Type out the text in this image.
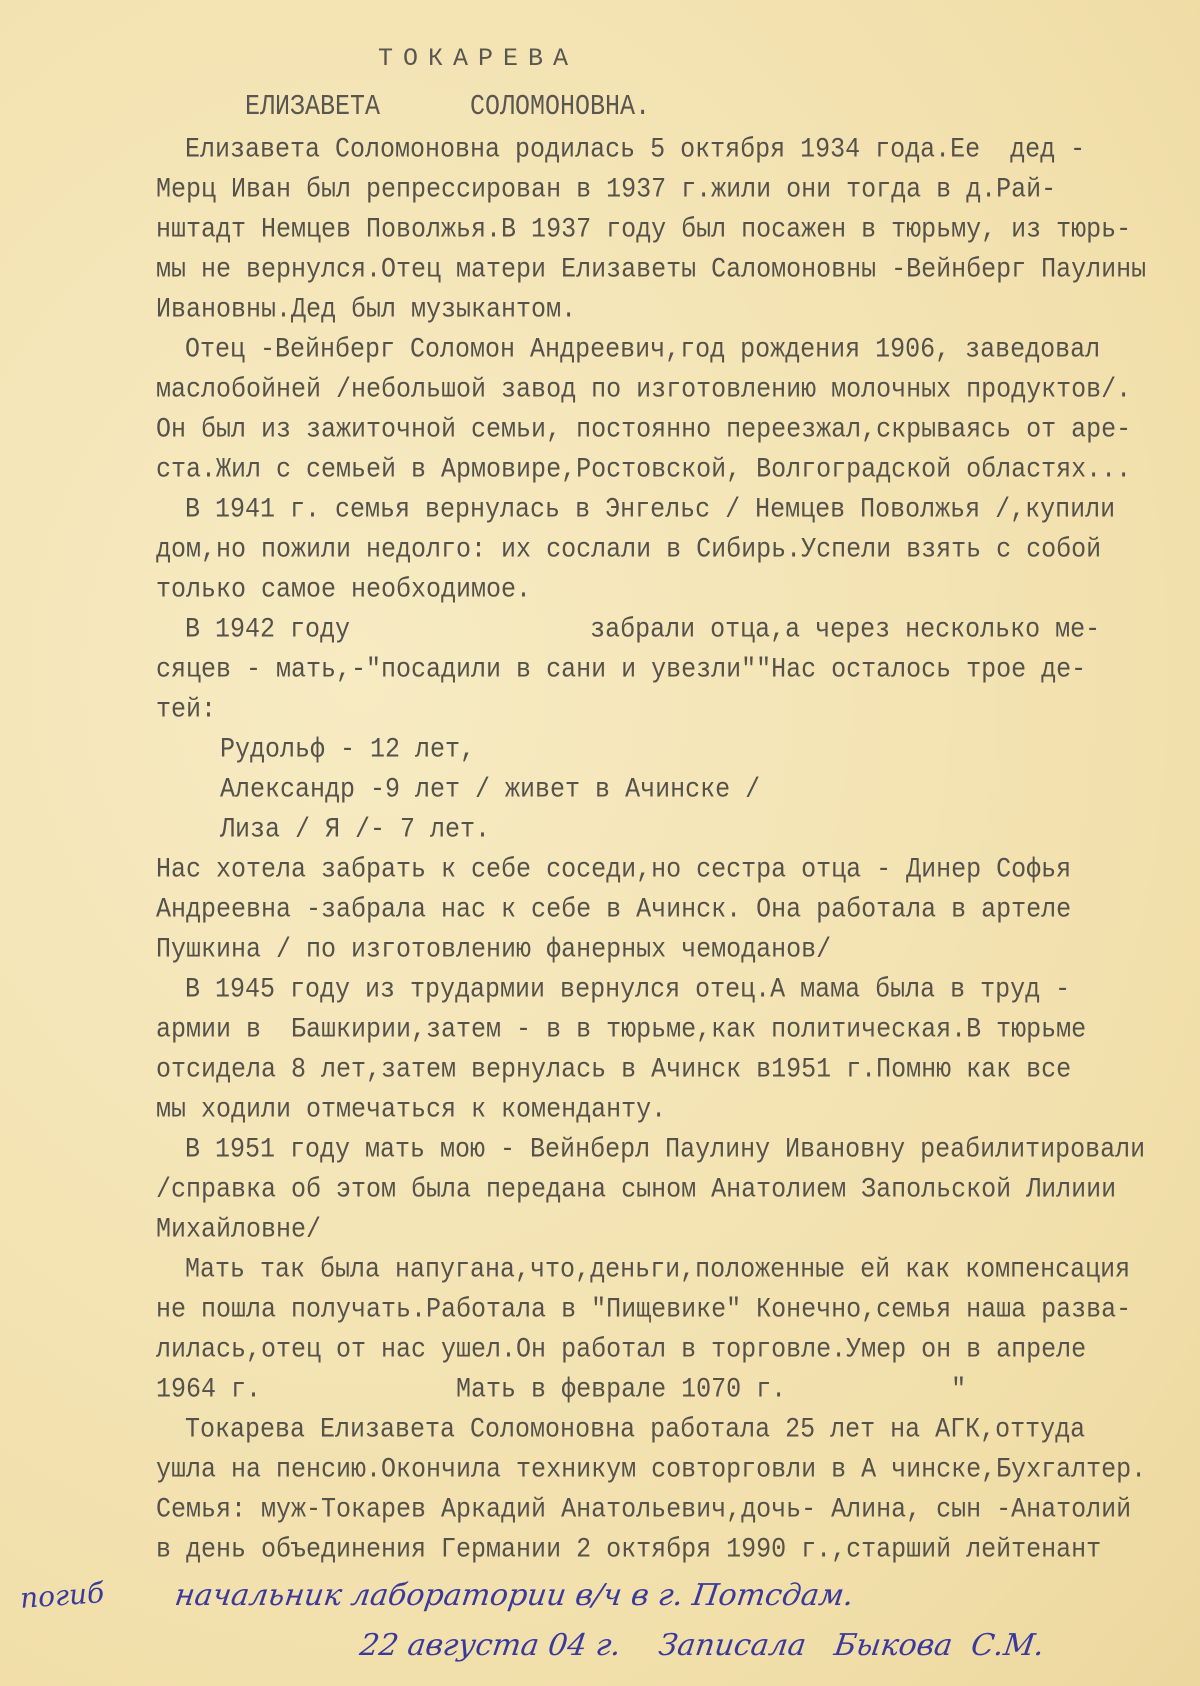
ТОКАРЕВА
ЕЛИЗАВЕТА      СОЛОМОНОВНА.
Елизавета Соломоновна родилась 5 октября 1934 года.Ее  дед -
Мерц Иван был репрессирован в 1937 г.жили они тогда в д.Рай-
нштадт Немцев Поволжья.В 1937 году был посажен в тюрьму, из тюрь-
мы не вернулся.Отец матери Елизаветы Саломоновны -Вейнберг Паулины
Ивановны.Дед был музыкантом.
Отец -Вейнберг Соломон Андреевич,год рождения 1906, заведовал
маслобойней /небольшой завод по изготовлению молочных продуктов/.
Он был из зажиточной семьи, постоянно переезжал,скрываясь от аре-
ста.Жил с семьей в Армовире,Ростовской, Волгоградской областях...
В 1941 г. семья вернулась в Энгельс / Немцев Поволжья /,купили
дом,но пожили недолго: их сослали в Сибирь.Успели взять с собой
только самое необходимое.
В 1942 году                забрали отца,а через несколько ме-
сяцев - мать,-"посадили в сани и увезли""Нас осталось трое де-
тей:
Рудольф - 12 лет,
Александр -9 лет / живет в Ачинске /
Лиза / Я /- 7 лет.
Нас хотела забрать к себе соседи,но сестра отца - Динер Софья
Андреевна -забрала нас к себе в Ачинск. Она работала в артеле
Пушкина / по изготовлению фанерных чемоданов/
В 1945 году из трудармии вернулся отец.А мама была в труд -
армии в  Башкирии,затем - в в тюрьме,как политическая.В тюрьме
отсидела 8 лет,затем вернулась в Ачинск в1951 г.Помню как все
мы ходили отмечаться к коменданту.
В 1951 году мать мою - Вейнберл Паулину Ивановну реабилитировали
/справка об этом была передана сыном Анатолием Запольской Лилиии
Михайловне/
Мать так была напугана,что,деньги,положенные ей как компенсация
не пошла получать.Работала в "Пищевике" Конечно,семья наша разва-
лилась,отец от нас ушел.Он работал в торговле.Умер он в апреле
1964 г.             Мать в феврале 1070 г.           "
Токарева Елизавета Соломоновна работала 25 лет на АГК,оттуда
ушла на пенсию.Окончила техникум совторговли в А чинске,Бухгалтер.
Семья: муж-Токарев Аркадий Анатольевич,дочь- Алина, сын -Анатолий
в день объединения Германии 2 октября 1990 г.,старший лейтенант
погиб начальник лаборатории в/ч в г. Потсдам.
22 августа 04 г.    Записала   Быкова  С.М.
